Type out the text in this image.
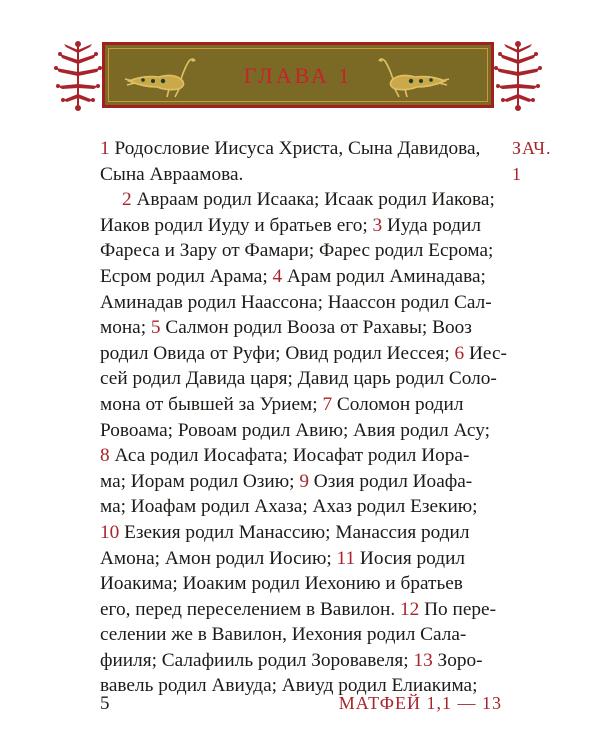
ГЛАВА 1
1 Родословие Иисуса Христа, Сына Давидова,
Сына Авраамова.
2 Авраам родил Исаака; Исаак родил Иакова;
Иаков родил Иуду и братьев его; 3 Иуда родил
Фареса и Зару от Фамари; Фарес родил Есрома;
Есром родил Арама; 4 Арам родил Аминадава;
Аминадав родил Наассона; Наассон родил Сал-
мона; 5 Салмон родил Вооза от Рахавы; Вооз
родил Овида от Руфи; Овид родил Иессея; 6 Иес-
сей родил Давида царя; Давид царь родил Соло-
мона от бывшей за Урием; 7 Соломон родил
Ровоама; Ровоам родил Авию; Авия родил Асу;
8 Аса родил Иосафата; Иосафат родил Иора-
ма; Иорам родил Озию; 9 Озия родил Иоафа-
ма; Иоафам родил Ахаза; Ахаз родил Езекию;
10 Езекия родил Манассию; Манассия родил
Амона; Амон родил Иосию; 11 Иосия родил
Иоакима; Иоаким родил Иехонию и братьев
его, перед переселением в Вавилон. 12 По пере-
селении же в Вавилон, Иехония родил Сала-
фииля; Салафииль родил Зоровавеля; 13 Зоро-
вавель родил Авиуда; Авиуд родил Елиакима;
ЗАЧ.
1
5	МАТФЕЙ 1,1 — 13
